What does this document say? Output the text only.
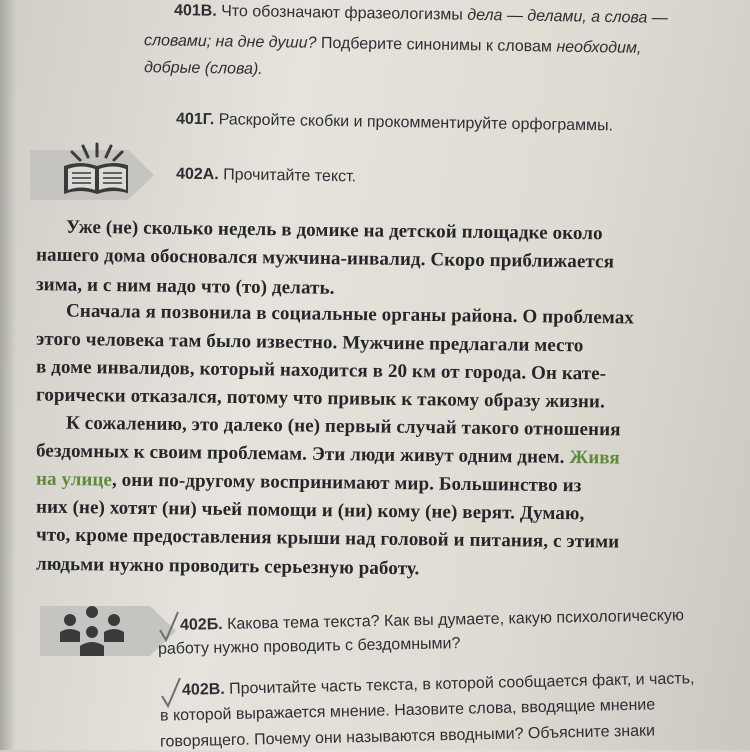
401В. Что обозначают фразеологизмы дела — делами, а слова —

словами; на дне души? Подберите синонимы к словам необходим,

добрые (слова).

401Г. Раскройте скобки и прокомментируйте орфограммы.

402А. Прочитайте текст.

Уже (не) сколько недель в домике на детской площадке около

нашего дома обосновался мужчина-инвалид. Скоро приближается

зима, и с ним надо что (то) делать.

Сначала я позвонила в социальные органы района. О проблемах

этого человека там было известно. Мужчине предлагали место

в доме инвалидов, который находится в 20 км от города. Он кате-

горически отказался, потому что привык к такому образу жизни.

К сожалению, это далеко (не) первый случай такого отношения

бездомных к своим проблемам. Эти люди живут одним днем. Живя

на улице, они по-другому воспринимают мир. Большинство из

них (не) хотят (ни) чьей помощи и (ни) кому (не) верят. Думаю,

что, кроме предоставления крыши над головой и питания, с этими

людьми нужно проводить серьезную работу.

402Б. Какова тема текста? Как вы думаете, какую психологическую

работу нужно проводить с бездомными?

402В. Прочитайте часть текста, в которой сообщается факт, и часть,

в которой выражается мнение. Назовите слова, вводящие мнение

говорящего. Почему они называются вводными? Объясните знаки
